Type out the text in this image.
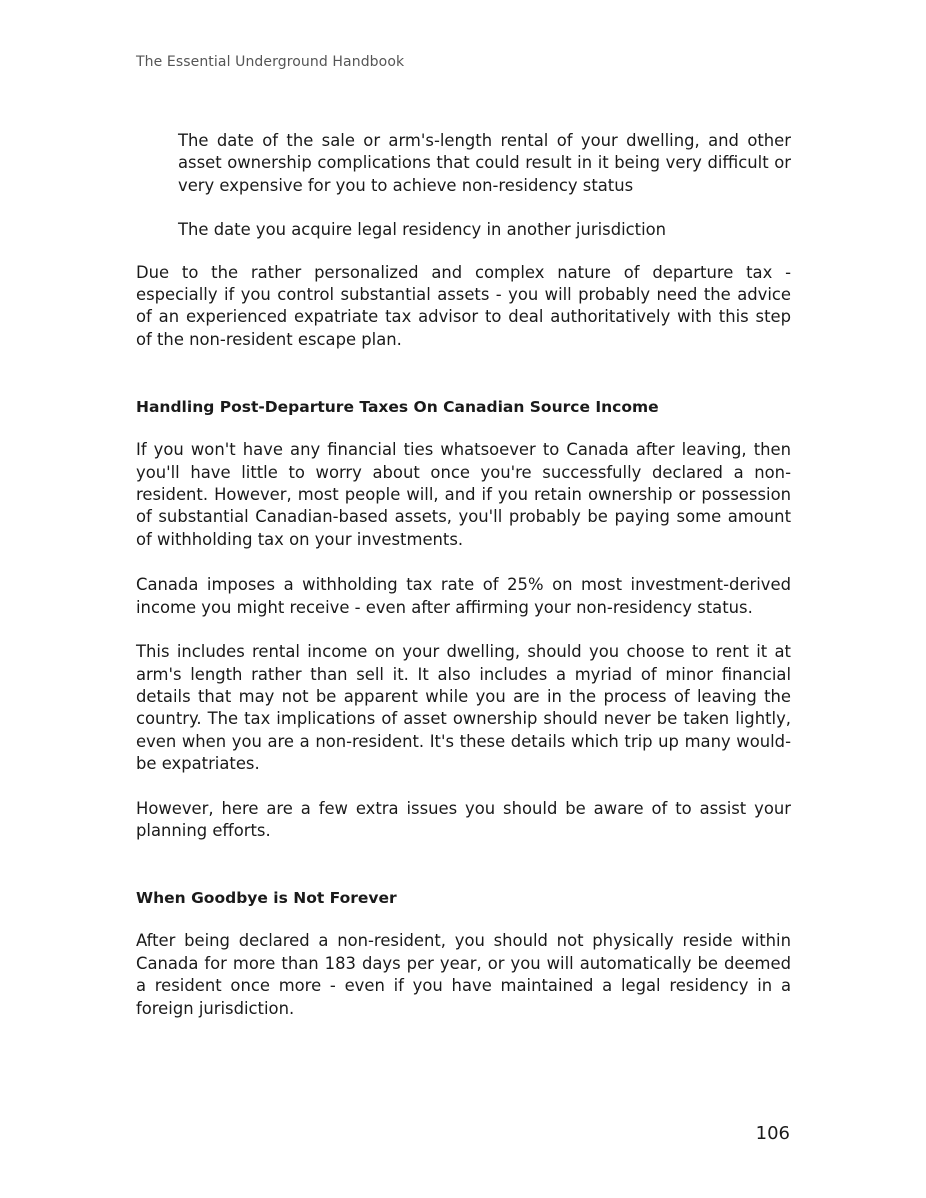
The Essential Underground Handbook

The date of the sale or arm's-length rental of your dwelling, and other asset ownership complications that could result in it being very difficult or very expensive for you to achieve non-residency status

The date you acquire legal residency in another jurisdiction

Due to the rather personalized and complex nature of departure tax - especially if you control substantial assets - you will probably need the advice of an experienced expatriate tax advisor to deal authoritatively with this step of the non-resident escape plan.

Handling Post-Departure Taxes On Canadian Source Income

If you won't have any financial ties whatsoever to Canada after leaving, then you'll have little to worry about once you're successfully declared a non-resident. However, most people will, and if you retain ownership or possession of substantial Canadian-based assets, you'll probably be paying some amount of withholding tax on your investments.

Canada imposes a withholding tax rate of 25% on most investment-derived income you might receive - even after affirming your non-residency status.

This includes rental income on your dwelling, should you choose to rent it at arm's length rather than sell it. It also includes a myriad of minor financial details that may not be apparent while you are in the process of leaving the country. The tax implications of asset ownership should never be taken lightly, even when you are a non-resident. It's these details which trip up many would-be expatriates.

However, here are a few extra issues you should be aware of to assist your planning efforts.

When Goodbye is Not Forever

After being declared a non-resident, you should not physically reside within Canada for more than 183 days per year, or you will automatically be deemed a resident once more - even if you have maintained a legal residency in a foreign jurisdiction.

106
